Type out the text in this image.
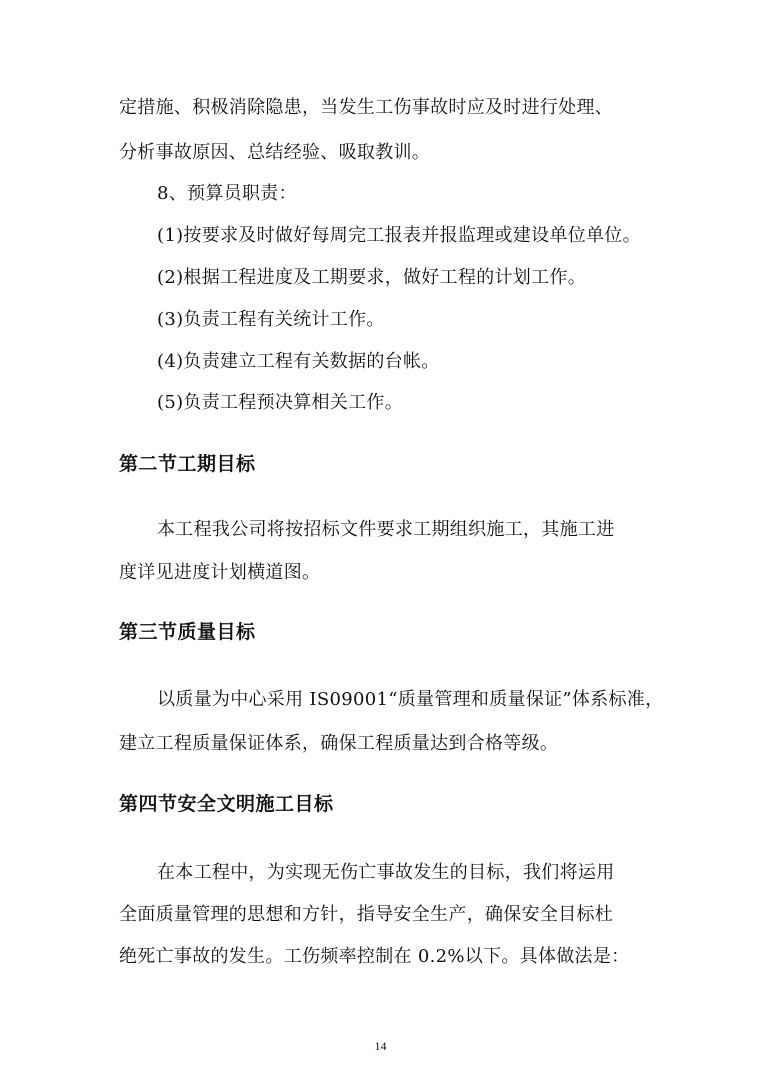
定措施、积极消除隐患，当发生工伤事故时应及时进行处理、
分析事故原因、总结经验、吸取教训。
8、预算员职责：
(1)按要求及时做好每周完工报表并报监理或建设单位单位。
(2)根据工程进度及工期要求，做好工程的计划工作。
(3)负责工程有关统计工作。
(4)负责建立工程有关数据的台帐。
(5)负责工程预决算相关工作。
第二节工期目标
本工程我公司将按招标文件要求工期组织施工，其施工进
度详见进度计划横道图。
第三节质量目标
以质量为中心采用 IS09001“质量管理和质量保证”体系标准，
建立工程质量保证体系，确保工程质量达到合格等级。
第四节安全文明施工目标
在本工程中，为实现无伤亡事故发生的目标，我们将运用
全面质量管理的思想和方针，指导安全生产，确保安全目标杜
绝死亡事故的发生。工伤频率控制在 0.2%以下。具体做法是：
14
